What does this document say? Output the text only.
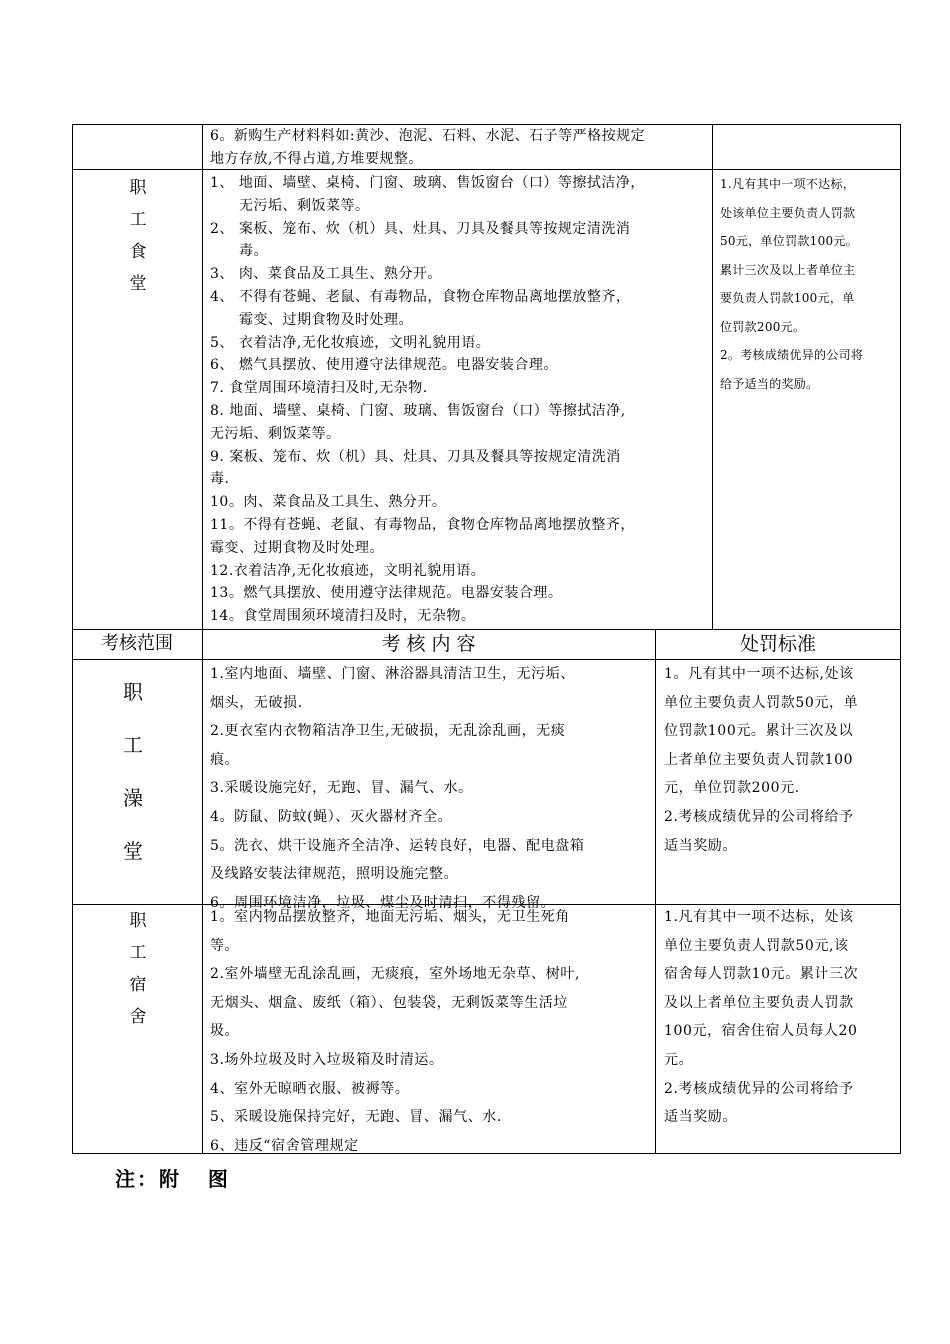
6。新购生产材料料如:黄沙、泡泥、石料、水泥、石子等严格按规定
地方存放,不得占道,方堆要规整。
职
工
食
堂
1、 地面、墙壁、桌椅、门窗、玻璃、售饭窗台（口）等擦拭洁净，
无污垢、剩饭菜等。
2、 案板、笼布、炊（机）具、灶具、刀具及餐具等按规定清洗消
毒。
3、 肉、菜食品及工具生、熟分开。
4、 不得有苍蝇、老鼠、有毒物品，食物仓库物品离地摆放整齐，
霉变、过期食物及时处理。
5、 衣着洁净,无化妆痕迹，文明礼貌用语。
6、 燃气具摆放、使用遵守法律规范。电器安装合理。
7. 食堂周围环境清扫及时,无杂物.
8. 地面、墙壁、桌椅、门窗、玻璃、售饭窗台（口）等擦拭洁净,
无污垢、剩饭菜等。
9. 案板、笼布、炊（机）具、灶具、刀具及餐具等按规定清洗消
毒.
10。肉、菜食品及工具生、熟分开。
11。不得有苍蝇、老鼠、有毒物品，食物仓库物品离地摆放整齐，
霉变、过期食物及时处理。
12.衣着洁净,无化妆痕迹，文明礼貌用语。
13。燃气具摆放、使用遵守法律规范。电器安装合理。
14。食堂周围须环境清扫及时，无杂物。
1.凡有其中一项不达标，
处该单位主要负责人罚款
50元，单位罚款100元。
累计三次及以上者单位主
要负责人罚款100元，单
位罚款200元。
2。考核成绩优异的公司将
给予适当的奖励。
考核范围	考 核 内 容	处罚标准
职
工
澡
堂
1.室内地面、墙壁、门窗、淋浴器具清洁卫生，无污垢、
烟头，无破损.
2.更衣室内衣物箱洁净卫生,无破损，无乱涂乱画，无痰
痕。
3.采暖设施完好，无跑、冒、漏气、水。
4。防鼠、防蚊(蝇）、灭火器材齐全。
5。洗衣、烘干设施齐全洁净、运转良好，电器、配电盘箱
及线路安装法律规范，照明设施完整。
6。周围环境洁净，垃圾、煤尘及时清扫，不得残留。
1。凡有其中一项不达标,处该
单位主要负责人罚款50元，单
位罚款100元。累计三次及以
上者单位主要负责人罚款100
元，单位罚款200元.
2.考核成绩优异的公司将给予
适当奖励。
职
工
宿
舍
1。室内物品摆放整齐，地面无污垢、烟头，无卫生死角
等。
2.室外墙壁无乱涂乱画，无痰痕，室外场地无杂草、树叶,
无烟头、烟盒、废纸（箱）、包装袋，无剩饭菜等生活垃
圾。
3.场外垃圾及时入垃圾箱及时清运。
4、室外无晾晒衣服、被褥等。
5、采暖设施保持完好，无跑、冒、漏气、水.
6、违反“宿舍管理规定
1.凡有其中一项不达标，处该
单位主要负责人罚款50元,该
宿舍每人罚款10元。累计三次
及以上者单位主要负责人罚款
100元，宿舍住宿人员每人20
元。
2.考核成绩优异的公司将给予
适当奖励。
注：附   图
